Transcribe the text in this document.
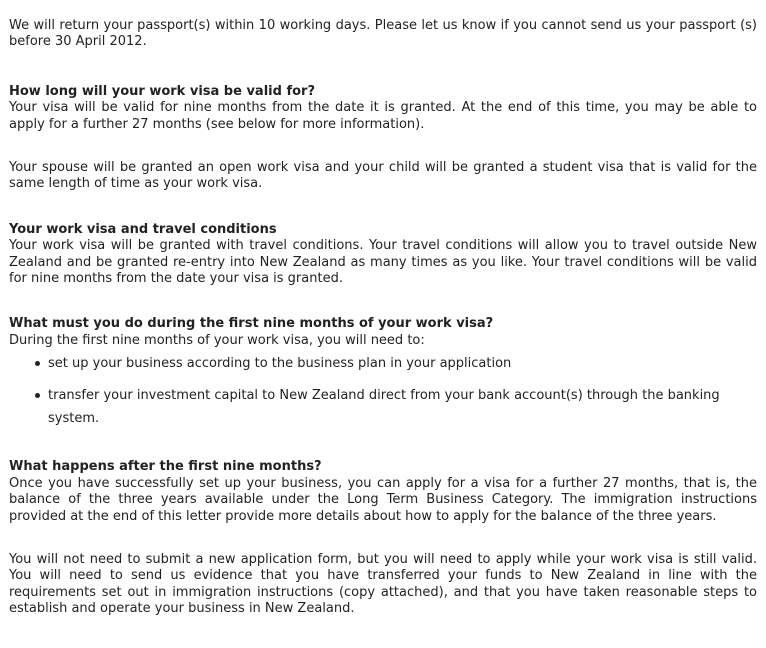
We will return your passport(s) within 10 working days. Please let us know if you cannot send us your passport (s) before 30 April 2012.

How long will your work visa be valid for?

Your visa will be valid for nine months from the date it is granted. At the end of this time, you may be able to apply for a further 27 months (see below for more information).

Your spouse will be granted an open work visa and your child will be granted a student visa that is valid for the same length of time as your work visa.

Your work visa and travel conditions

Your work visa will be granted with travel conditions. Your travel conditions will allow you to travel outside New Zealand and be granted re-entry into New Zealand as many times as you like. Your travel conditions will be valid for nine months from the date your visa is granted.

What must you do during the first nine months of your work visa?

During the first nine months of your work visa, you will need to:

set up your business according to the business plan in your application
transfer your investment capital to New Zealand direct from your bank account(s) through the banking system.

What happens after the first nine months?

Once you have successfully set up your business, you can apply for a visa for a further 27 months, that is, the balance of the three years available under the Long Term Business Category. The immigration instructions provided at the end of this letter provide more details about how to apply for the balance of the three years.

You will not need to submit a new application form, but you will need to apply while your work visa is still valid. You will need to send us evidence that you have transferred your funds to New Zealand in line with the requirements set out in immigration instructions (copy attached), and that you have taken reasonable steps to establish and operate your business in New Zealand.
